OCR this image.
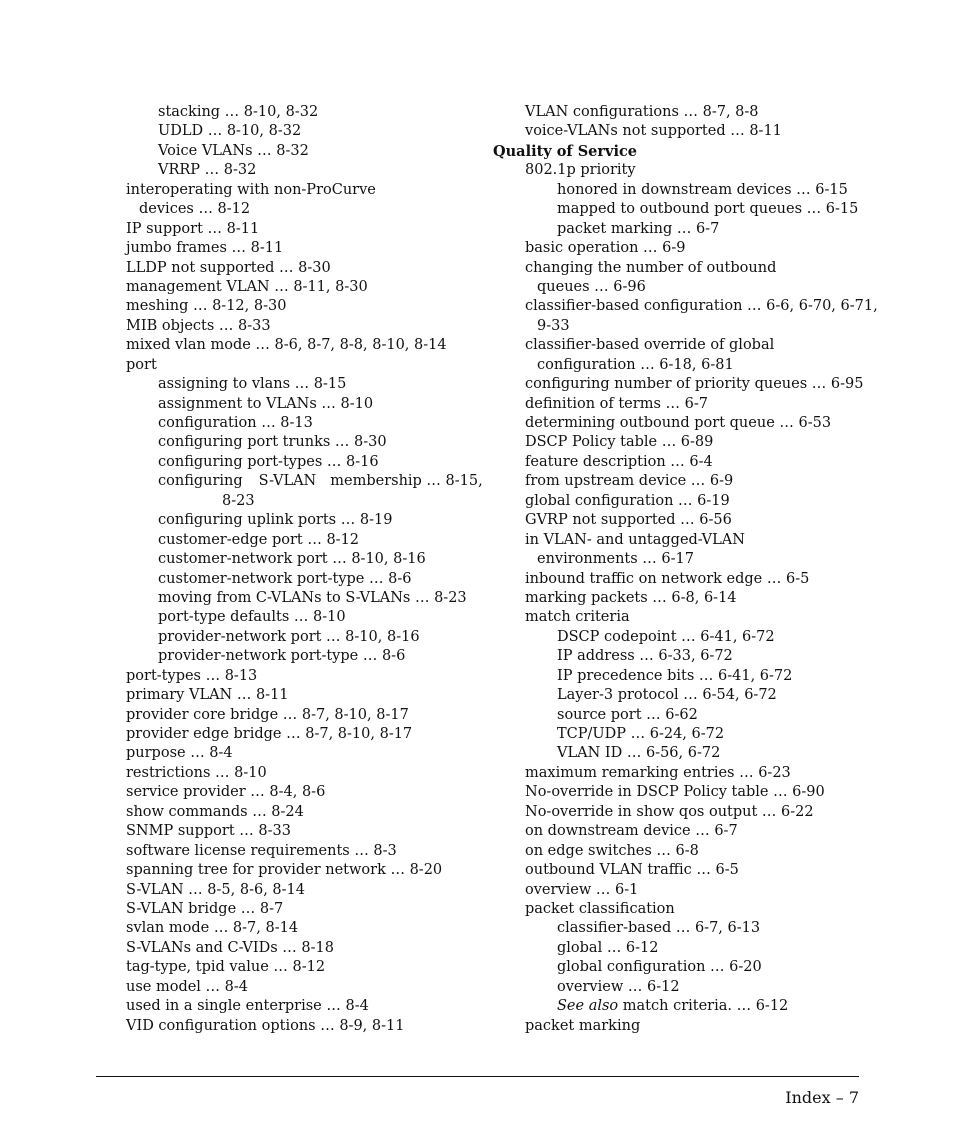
stacking … 8-10, 8-32
UDLD … 8-10, 8-32
Voice VLANs … 8-32
VRRP … 8-32
interoperating with non-ProCurve
devices … 8-12
IP support … 8-11
jumbo frames … 8-11
LLDP not supported … 8-30
management VLAN … 8-11, 8-30
meshing … 8-12, 8-30
MIB objects … 8-33
mixed vlan mode … 8-6, 8-7, 8-8, 8-10, 8-14
port
assigning to vlans … 8-15
assignment to VLANs … 8-10
configuration … 8-13
configuring port trunks … 8-30
configuring port-types … 8-16
configuring S-VLAN membership … 8-15,
8-23
configuring uplink ports … 8-19
customer-edge port … 8-12
customer-network port … 8-10, 8-16
customer-network port-type … 8-6
moving from C-VLANs to S-VLANs … 8-23
port-type defaults … 8-10
provider-network port … 8-10, 8-16
provider-network port-type … 8-6
port-types … 8-13
primary VLAN … 8-11
provider core bridge … 8-7, 8-10, 8-17
provider edge bridge … 8-7, 8-10, 8-17
purpose … 8-4
restrictions … 8-10
service provider … 8-4, 8-6
show commands … 8-24
SNMP support … 8-33
software license requirements … 8-3
spanning tree for provider network … 8-20
S-VLAN … 8-5, 8-6, 8-14
S-VLAN bridge … 8-7
svlan mode … 8-7, 8-14
S-VLANs and C-VIDs … 8-18
tag-type, tpid value … 8-12
use model … 8-4
used in a single enterprise … 8-4
VID configuration options … 8-9, 8-11
VLAN configurations … 8-7, 8-8
voice-VLANs not supported … 8-11
Quality of Service
802.1p priority
honored in downstream devices … 6-15
mapped to outbound port queues … 6-15
packet marking … 6-7
basic operation … 6-9
changing the number of outbound
queues … 6-96
classifier-based configuration … 6-6, 6-70, 6-71,
9-33
classifier-based override of global
configuration … 6-18, 6-81
configuring number of priority queues … 6-95
definition of terms … 6-7
determining outbound port queue … 6-53
DSCP Policy table … 6-89
feature description … 6-4
from upstream device … 6-9
global configuration … 6-19
GVRP not supported … 6-56
in VLAN- and untagged-VLAN
environments … 6-17
inbound traffic on network edge … 6-5
marking packets … 6-8, 6-14
match criteria
DSCP codepoint … 6-41, 6-72
IP address … 6-33, 6-72
IP precedence bits … 6-41, 6-72
Layer-3 protocol … 6-54, 6-72
source port … 6-62
TCP/UDP … 6-24, 6-72
VLAN ID … 6-56, 6-72
maximum remarking entries … 6-23
No-override in DSCP Policy table … 6-90
No-override in show qos output … 6-22
on downstream device … 6-7
on edge switches … 6-8
outbound VLAN traffic … 6-5
overview … 6-1
packet classification
classifier-based … 6-7, 6-13
global … 6-12
global configuration … 6-20
overview … 6-12
See also match criteria. … 6-12
packet marking
Index – 7
